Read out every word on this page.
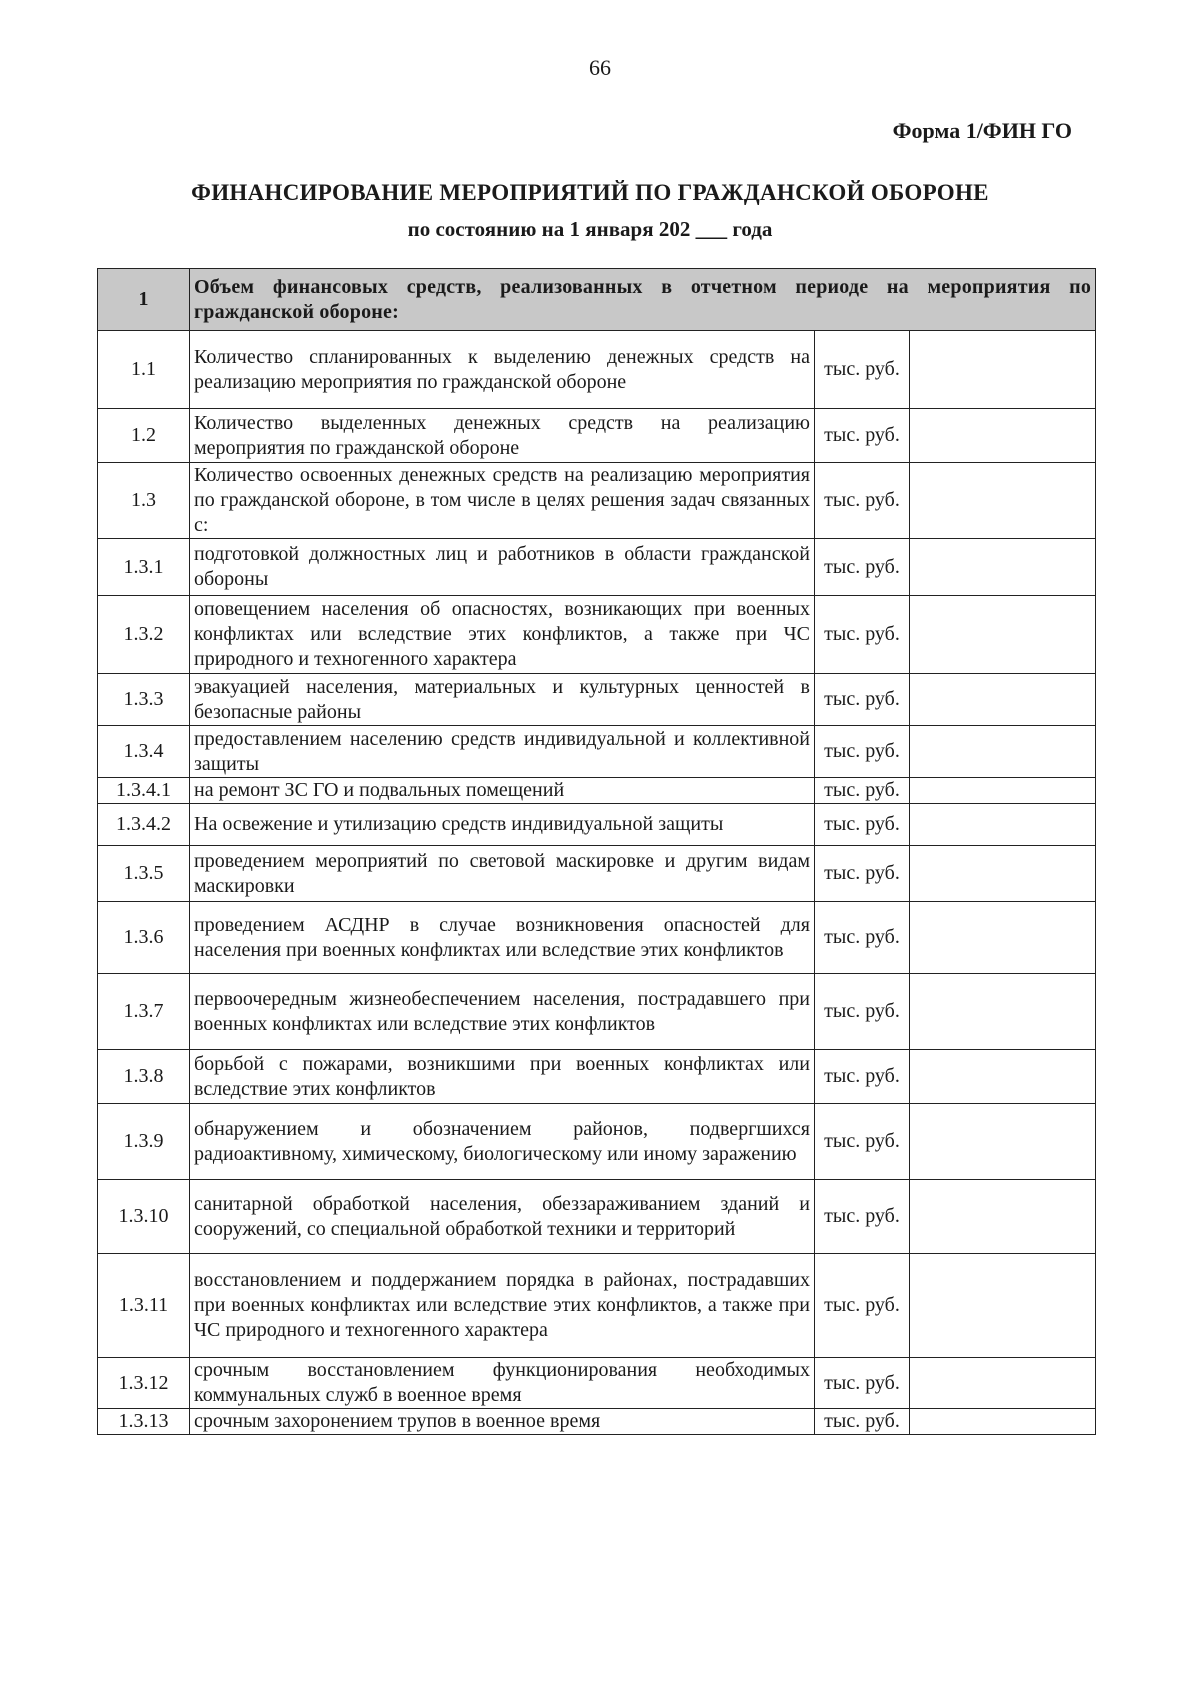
66
Форма 1/ФИН ГО
ФИНАНСИРОВАНИЕ МЕРОПРИЯТИЙ ПО ГРАЖДАНСКОЙ ОБОРОНЕ
по состоянию на 1 января 202 ___ года
1	Объем финансовых средств, реализованных в отчетном периоде на мероприятия по гражданской обороне:		
1.1	Количество спланированных к выделению денежных средств на реализацию мероприятия по гражданской обороне	тыс. руб.	
1.2	Количество выделенных денежных средств на реализацию мероприятия по гражданской обороне	тыс. руб.	
1.3	Количество освоенных денежных средств на реализацию мероприятия по гражданской обороне, в том числе в целях решения задач связанных с:	тыс. руб.	
1.3.1	подготовкой должностных лиц и работников в области гражданской обороны	тыс. руб.	
1.3.2	оповещением населения об опасностях, возникающих при военных конфликтах или вследствие этих конфликтов, а также при ЧС природного и техногенного характера	тыс. руб.	
1.3.3	эвакуацией населения, материальных и культурных ценностей в безопасные районы	тыс. руб.	
1.3.4	предоставлением населению средств индивидуальной и коллективной защиты	тыс. руб.	
1.3.4.1	на ремонт ЗС ГО и подвальных помещений	тыс. руб.	
1.3.4.2	На освежение и утилизацию средств индивидуальной защиты	тыс. руб.	
1.3.5	проведением мероприятий по световой маскировке и другим видам маскировки	тыс. руб.	
1.3.6	проведением АСДНР в случае возникновения опасностей для населения при военных конфликтах или вследствие этих конфликтов	тыс. руб.	
1.3.7	первоочередным жизнеобеспечением населения, пострадавшего при военных конфликтах или вследствие этих конфликтов	тыс. руб.	
1.3.8	борьбой с пожарами, возникшими при военных конфликтах или вследствие этих конфликтов	тыс. руб.	
1.3.9	обнаружением и обозначением районов, подвергшихся радиоактивному, химическому, биологическому или иному заражению	тыс. руб.	
1.3.10	санитарной обработкой населения, обеззараживанием зданий и сооружений, со специальной обработкой техники и территорий	тыс. руб.	
1.3.11	восстановлением и поддержанием порядка в районах, пострадавших при военных конфликтах или вследствие этих конфликтов, а также при ЧС природного и техногенного характера	тыс. руб.	
1.3.12	срочным восстановлением функционирования необходимых коммунальных служб в военное время	тыс. руб.	
1.3.13	срочным захоронением трупов в военное время	тыс. руб.	
